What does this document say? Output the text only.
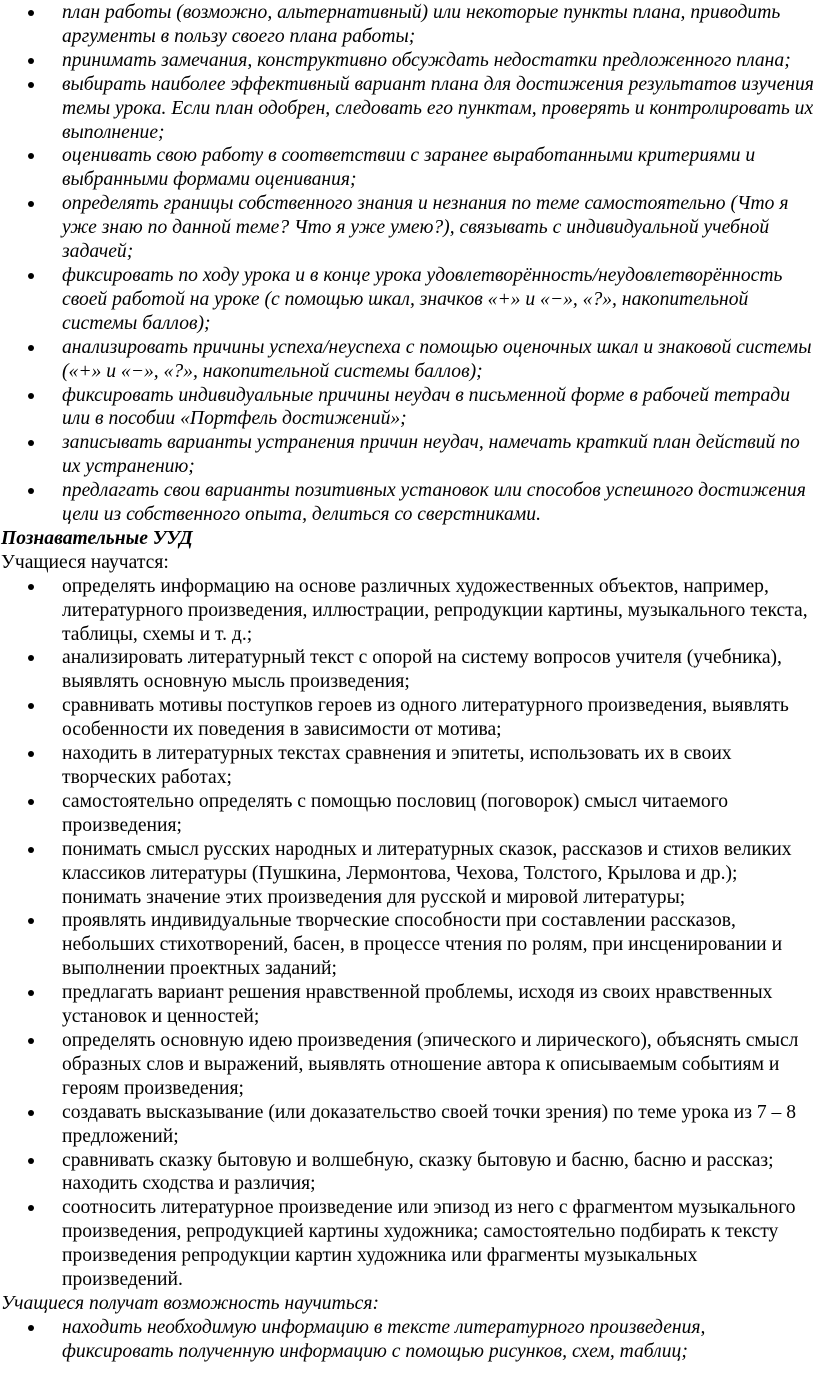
план работы (возможно, альтернативный) или некоторые пункты плана, приводить аргументы в пользу своего плана работы;
принимать замечания, конструктивно обсуждать недостатки предложенного плана;
выбирать наиболее эффективный вариант плана для достижения результатов изучения темы урока. Если план одобрен, следовать его пунктам, проверять и контролировать их выполнение;
оценивать свою работу в соответствии с заранее выработанными критериями и выбранными формами оценивания;
определять границы собственного знания и незнания по теме самостоятельно (Что я уже знаю по данной теме? Что я уже умею?), связывать с индивидуальной учебной задачей;
фиксировать по ходу урока и в конце урока удовлетворённость/неудовлетворённость своей работой на уроке (с помощью шкал, значков «+» и «−», «?», накопительной системы баллов);
анализировать причины успеха/неуспеха с помощью оценочных шкал и знаковой системы («+» и «−», «?», накопительной системы баллов);
фиксировать индивидуальные причины неудач в письменной форме в рабочей тетради или в пособии «Портфель достижений»;
записывать варианты устранения причин неудач, намечать краткий план действий по их устранению;
предлагать свои варианты позитивных установок или способов успешного достижения цели из собственного опыта, делиться со сверстниками.
Познавательные УУД
Учащиеся научатся:
определять информацию на основе различных художественных объектов, например, литературного произведения, иллюстрации, репродукции картины, музыкального текста, таблицы, схемы и т. д.;
анализировать литературный текст с опорой на систему вопросов учителя (учебника), выявлять основную мысль произведения;
сравнивать мотивы поступков героев из одного литературного произведения, выявлять особенности их поведения в зависимости от мотива;
находить в литературных текстах сравнения и эпитеты, использовать их в своих творческих работах;
самостоятельно определять с помощью пословиц (поговорок) смысл читаемого произведения;
понимать смысл русских народных и литературных сказок, рассказов и стихов великих классиков литературы (Пушкина, Лермонтова, Чехова, Толстого, Крылова и др.); понимать значение этих произведения для русской и мировой литературы;
проявлять индивидуальные творческие способности при составлении рассказов, небольших стихотворений, басен, в процессе чтения по ролям, при инсценировании и выполнении проектных заданий;
предлагать вариант решения нравственной проблемы, исходя из своих нравственных установок и ценностей;
определять основную идею произведения (эпического и лирического), объяснять смысл образных слов и выражений, выявлять отношение автора к описываемым событиям и героям произведения;
создавать высказывание (или доказательство своей точки зрения) по теме урока из 7 – 8 предложений;
сравнивать сказку бытовую и волшебную, сказку бытовую и басню, басню и рассказ; находить сходства и различия;
соотносить литературное произведение или эпизод из него с фрагментом музыкального произведения, репродукцией картины художника; самостоятельно подбирать к тексту произведения репродукции картин художника или фрагменты музыкальных произведений.
Учащиеся получат возможность научиться:
находить необходимую информацию в тексте литературного произведения, фиксировать полученную информацию с помощью рисунков, схем, таблиц;
